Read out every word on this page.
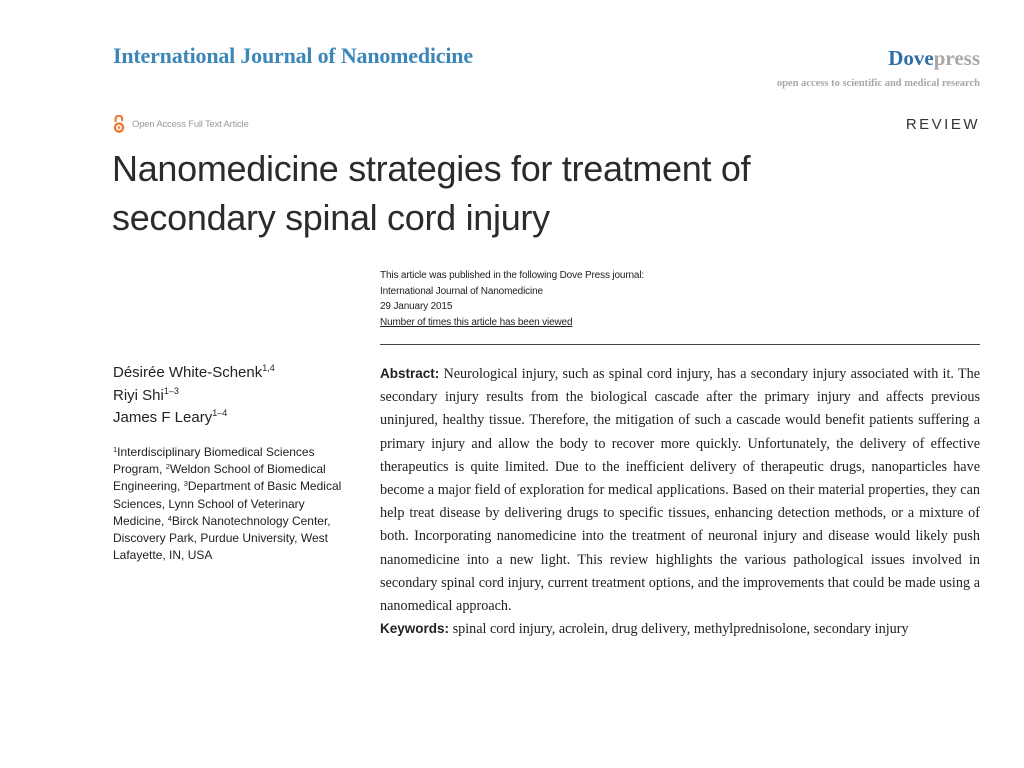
International Journal of Nanomedicine	Dovepress
open access to scientific and medical research
Open Access Full Text Article	REVIEW
Nanomedicine strategies for treatment of
secondary spinal cord injury
This article was published in the following Dove Press journal:
International Journal of Nanomedicine
29 January 2015
Number of times this article has been viewed
Désirée White-Schenk$^{1,4}$
Riyi Shi$^{1-3}$
James F Leary$^{1-4}$
$^1$Interdisciplinary Biomedical Sciences Program, $^2$Weldon School of Biomedical Engineering, $^3$Department of Basic Medical Sciences, Lynn School of Veterinary Medicine, $^4$Birck Nanotechnology Center, Discovery Park, Purdue University, West Lafayette, IN, USA
Abstract: Neurological injury, such as spinal cord injury, has a secondary injury associated with it. The secondary injury results from the biological cascade after the primary injury and affects previous uninjured, healthy tissue. Therefore, the mitigation of such a cascade would benefit patients suffering a primary injury and allow the body to recover more quickly. Unfortunately, the delivery of effective therapeutics is quite limited. Due to the inefficient delivery of therapeutic drugs, nanoparticles have become a major field of exploration for medical applications. Based on their material properties, they can help treat disease by delivering drugs to specific tissues, enhancing detection methods, or a mixture of both. Incorporating nanomedicine into the treatment of neuronal injury and disease would likely push nanomedicine into a new light. This review highlights the various pathological issues involved in secondary spinal cord injury, current treatment options, and the improvements that could be made using a nanomedical approach.
Keywords: spinal cord injury, acrolein, drug delivery, methylprednisolone, secondary injury
